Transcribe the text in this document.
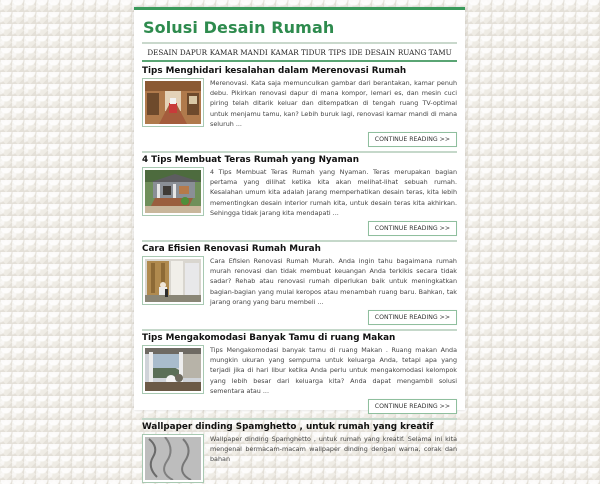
Solusi Desain Rumah
DESAIN DAPUR KAMAR MANDI KAMAR TIDUR TIPS IDE DESAIN RUANG TAMU
Tips Menghidari kesalahan dalam Merenovasi Rumah
Merenovasi. Kata saja memunculkan gambar dari berantakan, kamar penuh debu. Pikirkan renovasi dapur di mana kompor, lemari es, dan mesin cuci piring telah ditarik keluar dan ditempatkan di tengah ruang TV-optimal untuk menjamu tamu, kan? Lebih buruk lagi, renovasi kamar mandi di mana seluruh ...
CONTINUE READING >>
4 Tips Membuat Teras Rumah yang Nyaman
4 Tips Membuat Teras Rumah yang Nyaman. Teras merupakan bagian pertama yang dilihat ketika kita akan melihat-lihat sebuah rumah. Kesalahan umum kita adalah jarang memperhatikan desain teras, kita lebih mementingkan desain interior rumah kita, untuk desain teras kita akhirkan. Sehingga tidak jarang kita mendapati ...
CONTINUE READING >>
Cara Efisien Renovasi Rumah Murah
Cara Efisien Renovasi Rumah Murah. Anda ingin tahu bagaimana rumah murah renovasi dan tidak membuat keuangan Anda terkikis secara tidak sadar? Rehab atau renovasi rumah diperlukan baik untuk meningkatkan bagian-bagian yang mulai keropos atau menambah ruang baru. Bahkan, tak jarang orang yang baru membeli ...
CONTINUE READING >>
Tips Mengakomodasi Banyak Tamu di ruang Makan
Tips Mengakomodasi banyak tamu di ruang Makan . Ruang makan Anda mungkin ukuran yang sempurna untuk keluarga Anda, tetapi apa yang terjadi jika di hari libur ketika Anda perlu untuk mengakomodasi kelompok yang lebih besar dari keluarga kita? Anda dapat mengambil solusi sementara atau ...
CONTINUE READING >>
Wallpaper dinding Spamghetto , untuk rumah yang kreatif
Wallpaper dinding Spamghetto , untuk rumah yang kreatif. Selama ini kita mengenal bermacam-macam wallpaper dinding dengan warna, corak dan bahan
